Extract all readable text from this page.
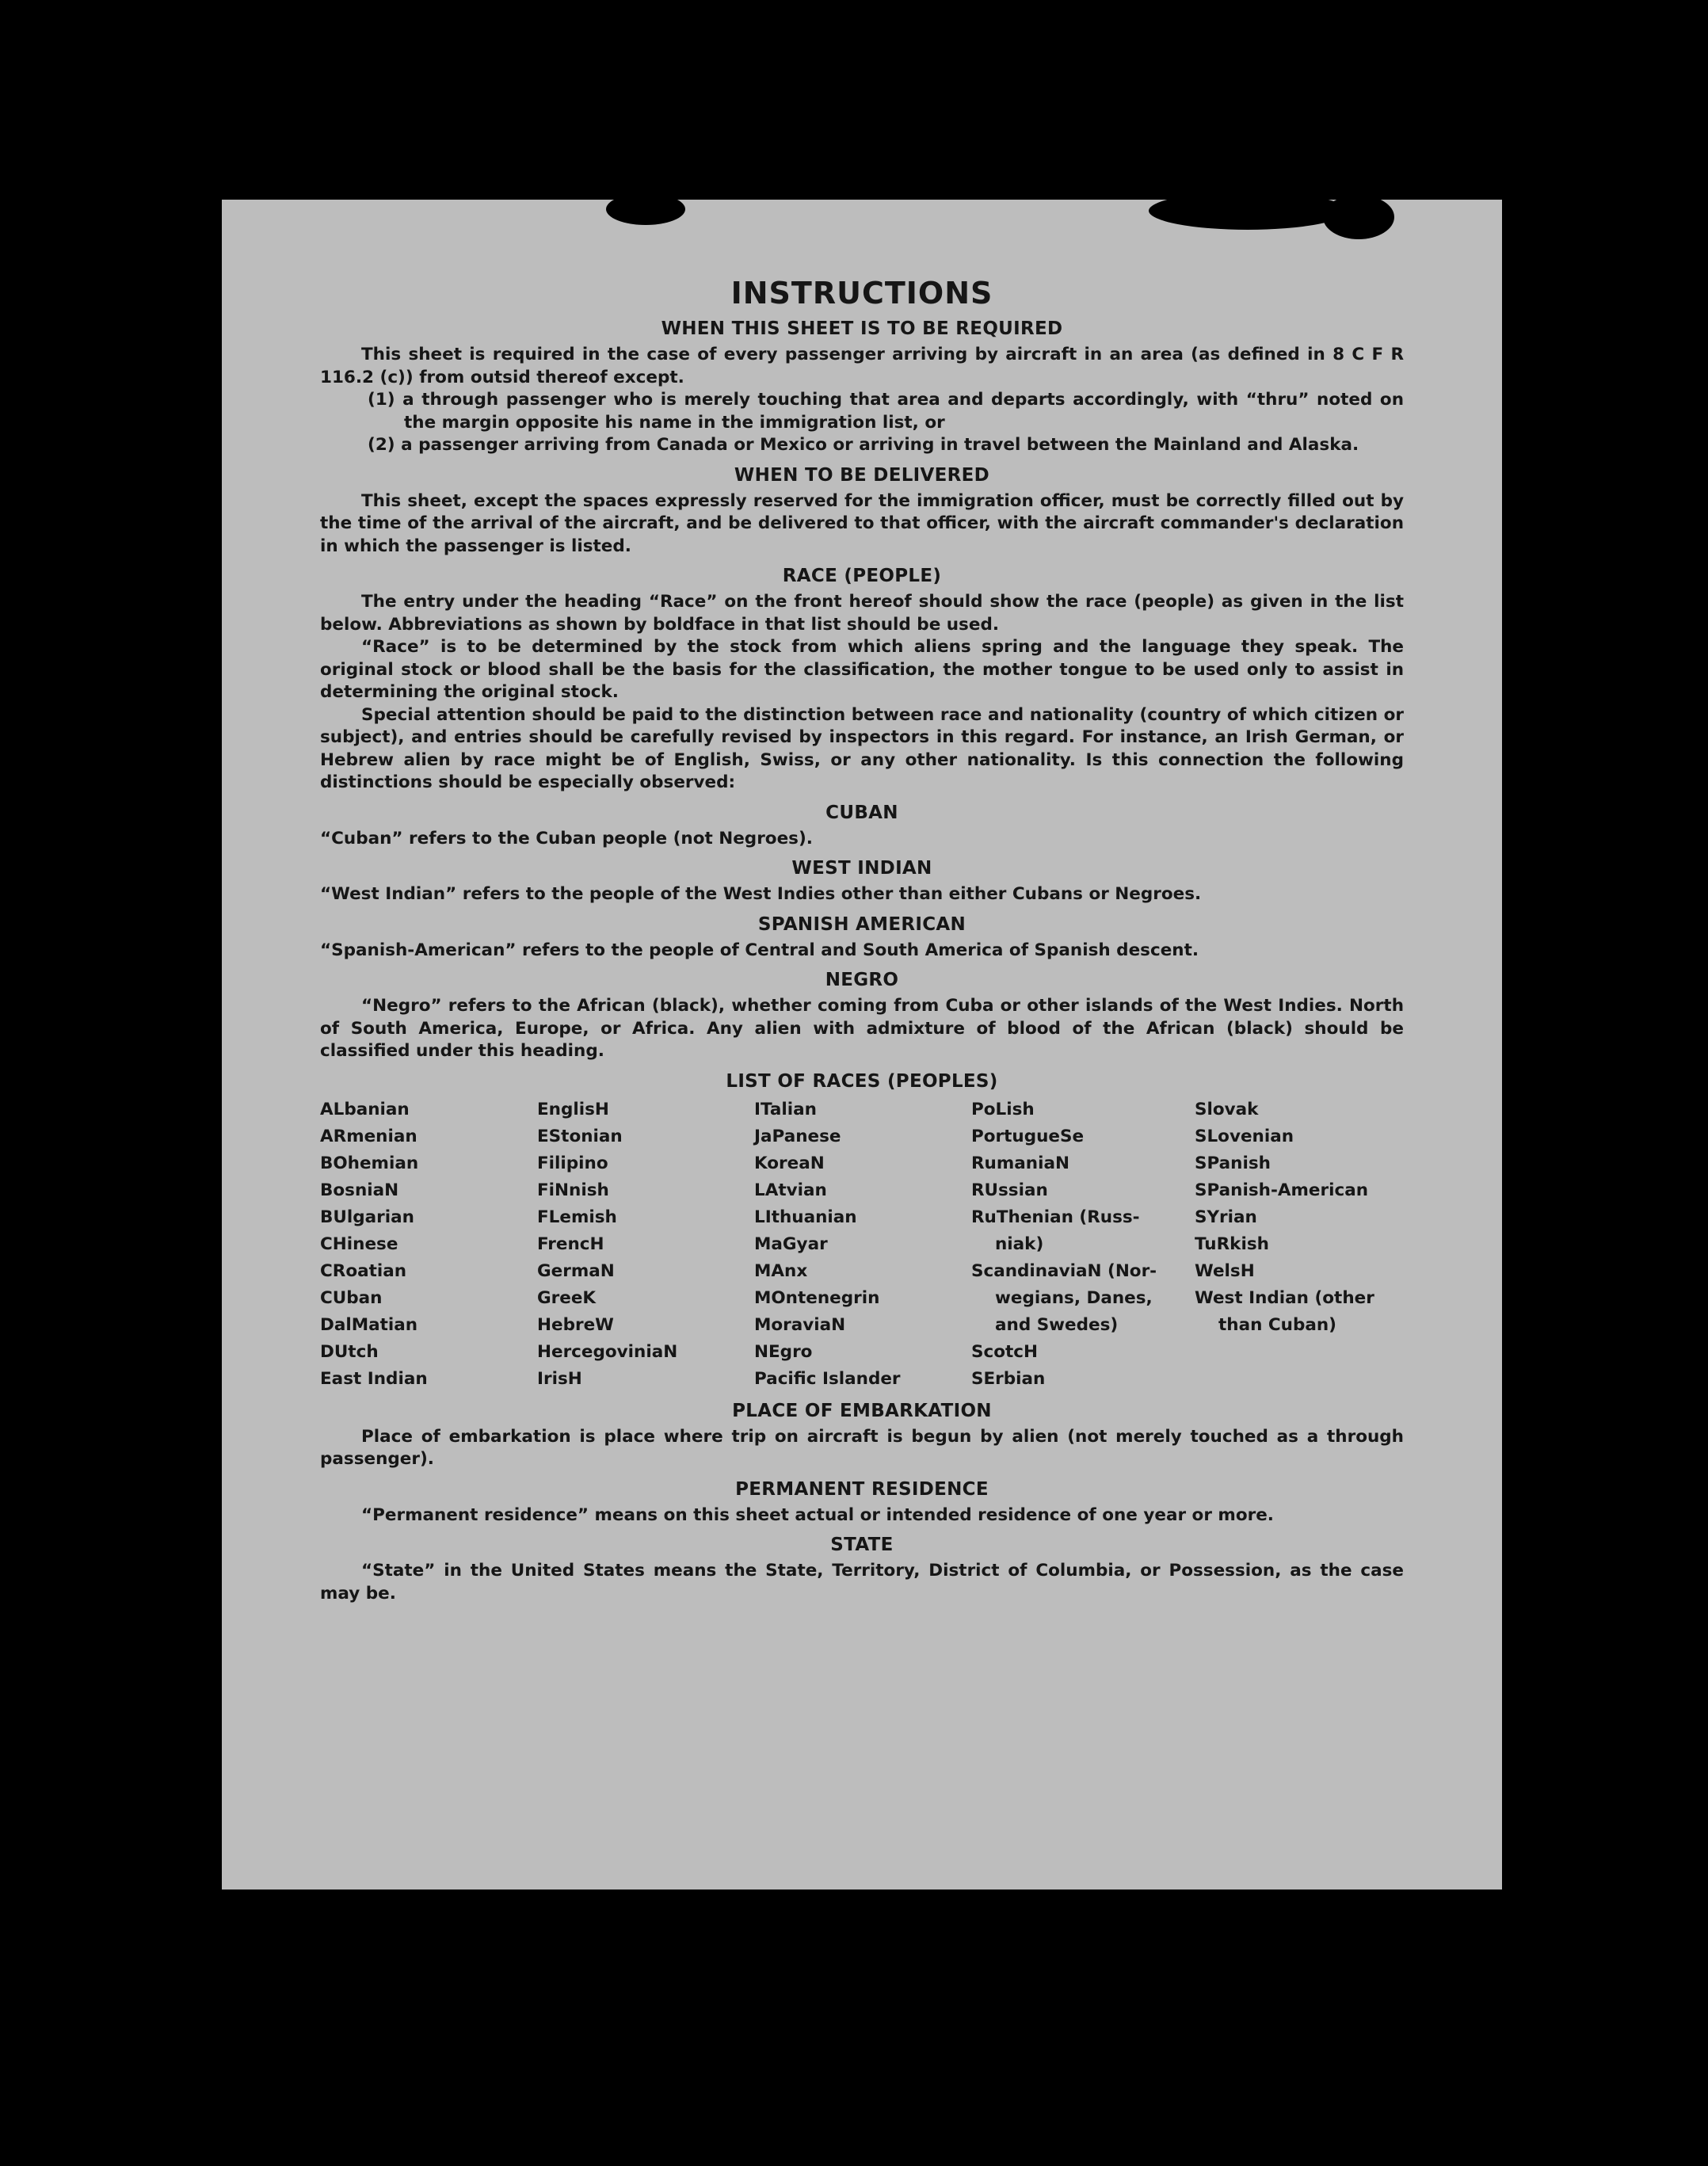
INSTRUCTIONS
WHEN THIS SHEET IS TO BE REQUIRED

This sheet is required in the case of every passenger arriving by aircraft in an area (as defined in 8 C F R 116.2 (c)) from outsid thereof except.

(1) a through passenger who is merely touching that area and departs accordingly, with “thru” noted on the margin opposite his name in the immigration list, or

(2) a passenger arriving from Canada or Mexico or arriving in travel between the Mainland and Alaska.

WHEN TO BE DELIVERED

This sheet, except the spaces expressly reserved for the immigration officer, must be correctly filled out by the time of the arrival of the aircraft, and be delivered to that officer, with the aircraft commander's declaration in which the passenger is listed.

RACE (PEOPLE)

The entry under the heading “Race” on the front hereof should show the race (people) as given in the list below. Abbreviations as shown by boldface in that list should be used.

“Race” is to be determined by the stock from which aliens spring and the language they speak. The original stock or blood shall be the basis for the classification, the mother tongue to be used only to assist in determining the original stock.

Special attention should be paid to the distinction between race and nationality (country of which citizen or subject), and entries should be carefully revised by inspectors in this regard. For instance, an Irish German, or Hebrew alien by race might be of English, Swiss, or any other nationality. Is this connection the following distinctions should be especially observed:

CUBAN

“Cuban” refers to the Cuban people (not Negroes).

WEST INDIAN

“West Indian” refers to the people of the West Indies other than either Cubans or Negroes.

SPANISH AMERICAN

“Spanish-American” refers to the people of Central and South America of Spanish descent.

NEGRO

“Negro” refers to the African (black), whether coming from Cuba or other islands of the West Indies. North of South America, Europe, or Africa. Any alien with admixture of blood of the African (black) should be classified under this heading.

LIST OF RACES (PEOPLES)
ALbanian
ARmenian
BOhemian
BosniaN
BUlgarian
CHinese
CRoatian
CUban
DalMatian
DUtch
East Indian
EnglisH
EStonian
Filipino
FiNnish
FLemish
FrencH
GermaN
GreeK
HebreW
HercegoviniaN
IrisH
ITalian
JaPanese
KoreaN
LAtvian
LIthuanian
MaGyar
MAnx
MOntenegrin
MoraviaN
NEgro
Pacific Islander
PoLish
PortugueSe
RumaniaN
RUssian
RuThenian (Russ-
niak)
ScandinaviaN (Nor-
wegians, Danes,
and Swedes)
ScotcH
SErbian
Slovak
SLovenian
SPanish
SPanish-American
SYrian
TuRkish
WelsH
West Indian (other
than Cuban)
PLACE OF EMBARKATION

Place of embarkation is place where trip on aircraft is begun by alien (not merely touched as a through passenger).

PERMANENT RESIDENCE

“Permanent residence” means on this sheet actual or intended residence of one year or more.

STATE

“State” in the United States means the State, Territory, District of Columbia, or Possession, as the case may be.
